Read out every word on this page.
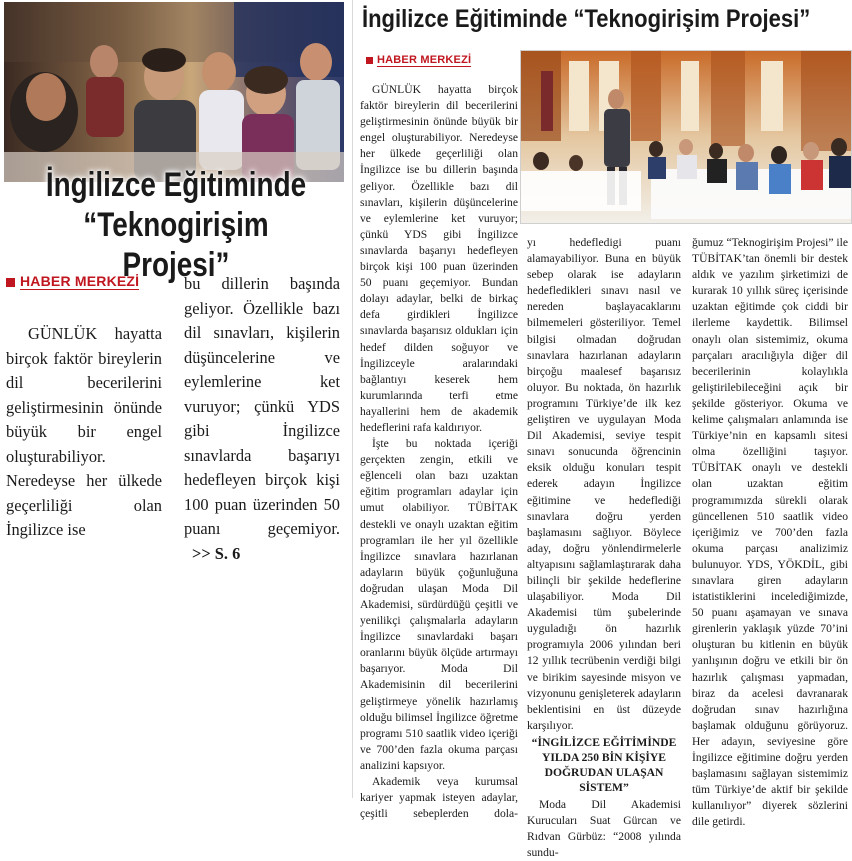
İngilizce Eğitiminde
“Teknogirişim Projesi”
HABER MERKEZİ
GÜNLÜK hayatta birçok faktör bireylerin dil becerilerini geliştirmesinin önünde büyük bir engel oluşturabiliyor. Neredeyse her ülkede geçerliliği olan İngilizce ise
bu dillerin başında geliyor. Özellikle bazı dil sınavları, kişilerin düşüncelerine ve eylemlerine ket vuruyor; çünkü YDS gibi İngilizce sınavlarda başarıyı hedefleyen birçok kişi 100 puan üzerinden 50 puanı geçemiyor. >> S. 6
İngilizce Eğitiminde “Teknogirişim Projesi”
HABER MERKEZİ

GÜNLÜK hayatta birçok faktör bireylerin dil becerilerini geliştirmesinin önünde büyük bir engel oluşturabiliyor. Neredeyse her ülkede geçerliliği olan İngilizce ise bu dillerin başında geliyor. Özellikle bazı dil sınavları, kişilerin düşüncelerine ve eylemlerine ket vuruyor; çünkü YDS gibi İngilizce sınavlarda başarıyı hedefleyen birçok kişi 100 puan üzerinden 50 puanı geçemiyor. Bundan dolayı adaylar, belki de birkaç defa girdikleri İngilizce sınavlarda başarısız oldukları için hedef dilden soğuyor ve İngilizceyle aralarındaki bağlantıyı keserek hem kurumlarında terfi etme hayallerini hem de akademik hedeflerini rafa kaldırıyor.

İşte bu noktada içeriği gerçekten zengin, etkili ve eğlenceli olan bazı uzaktan eğitim programları adaylar için umut olabiliyor. TÜBİTAK destekli ve onaylı uzaktan eğitim programları ile her yıl özellikle İngilizce sınavlara hazırlanan adayların büyük çoğunluğuna doğrudan ulaşan Moda Dil Akademisi, sürdürdüğü çeşitli ve yenilikçi çalışmalarla adayların İngilizce sınavlardaki başarı oranlarını büyük ölçüde artırmayı başarıyor. Moda Dil Akademisinin dil becerilerini geliştirmeye yönelik hazırlamış olduğu bilimsel İngilizce öğretme programı 510 saatlik video içeriği ve 700’den fazla okuma parçası analizini kapsıyor.

Akademik veya kurumsal kariyer yapmak isteyen adaylar, çeşitli sebeplerden dola-

yı hedefledigi puanı alamayabiliyor. Buna en büyük sebep olarak ise adayların hedefledikleri sınavı nasıl ve nereden başlayacaklarını bilmemeleri gösteriliyor. Temel bilgisi olmadan doğrudan sınavlara hazırlanan adayların birçoğu maalesef başarısız oluyor. Bu noktada, ön hazırlık programını Türkiye’de ilk kez geliştiren ve uygulayan Moda Dil Akademisi, seviye tespit sınavı sonucunda öğrencinin eksik olduğu konuları tespit ederek adayın İngilizce eğitimine ve hedeflediği sınavlara doğru yerden başlamasını sağlıyor. Böylece aday, doğru yönlendirmelerle altyapısını sağlamlaştırarak daha bilinçli bir şekilde hedeflerine ulaşabiliyor. Moda Dil Akademisi tüm şubelerinde uyguladığı ön hazırlık programıyla 2006 yılından beri 12 yıllık tecrübenin verdiği bilgi ve birikim sayesinde misyon ve vizyonunu genişleterek adayların beklentisini en üst düzeyde karşılıyor.

“İNGİLİZCE EĞİTİMİNDE YILDA 250 BİN KİŞİYE DOĞRUDAN ULAŞAN SİSTEM”

Moda Dil Akademisi Kurucuları Suat Gürcan ve Rıdvan Gürbüz: “2008 yılında sundu-

ğumuz “Teknogirişim Projesi” ile TÜBİTAK’tan önemli bir destek aldık ve yazılım şirketimizi de kurarak 10 yıllık süreç içerisinde uzaktan eğitimde çok ciddi bir ilerleme kaydettik. Bilimsel onaylı olan sistemimiz, okuma parçaları aracılığıyla diğer dil becerilerinin kolaylıkla geliştirilebileceğini açık bir şekilde gösteriyor. Okuma ve kelime çalışmaları anlamında ise Türkiye’nin en kapsamlı sitesi olma özelliğini taşıyor. TÜBİTAK onaylı ve destekli olan uzaktan eğitim programımızda sürekli olarak güncellenen 510 saatlik video içeriğimiz ve 700’den fazla okuma parçası analizimiz bulunuyor. YDS, YÖKDİL, gibi sınavlara giren adayların istatistiklerini incelediğimizde, 50 puanı aşamayan ve sınava girenlerin yaklaşık yüzde 70’ini oluşturan bu kitlenin en büyük yanlışının doğru ve etkili bir ön hazırlık çalışması yapmadan, biraz da acelesi davranarak doğrudan sınav hazırlığına başlamak olduğunu görüyoruz. Her adayın, seviyesine göre İngilizce eğitimine doğru yerden başlamasını sağlayan sistemimiz tüm Türkiye’de aktif bir şekilde kullanılıyor” diyerek sözlerini dile getirdi.
